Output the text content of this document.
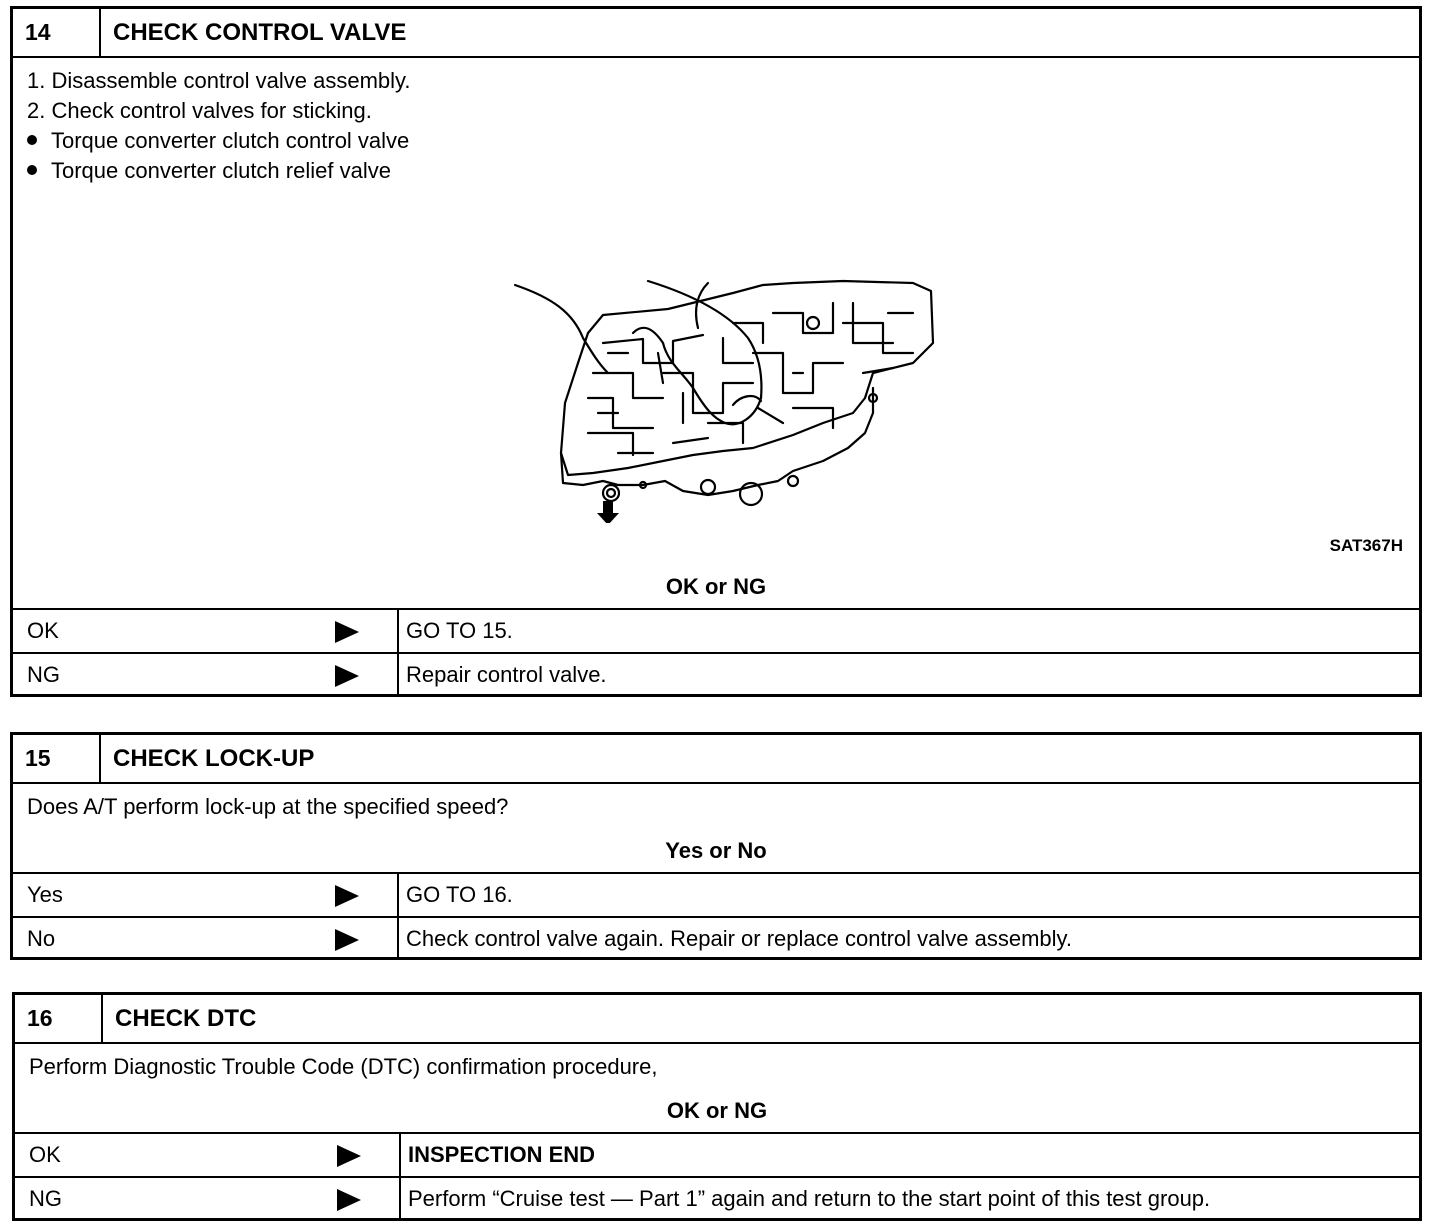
14	CHECK CONTROL VALVE
1. Disassemble control valve assembly.
2. Check control valves for sticking.
Torque converter clutch control valve
Torque converter clutch relief valve
SAT367H
OK or NG
OK	GO TO 15.
NG	Repair control valve.
15	CHECK LOCK-UP
Does A/T perform lock-up at the specified speed?
Yes or No
Yes	GO TO 16.
No	Check control valve again. Repair or replace control valve assembly.
16	CHECK DTC
Perform Diagnostic Trouble Code (DTC) confirmation procedure,
OK or NG
OK	INSPECTION END
NG	Perform “Cruise test — Part 1” again and return to the start point of this test group.
